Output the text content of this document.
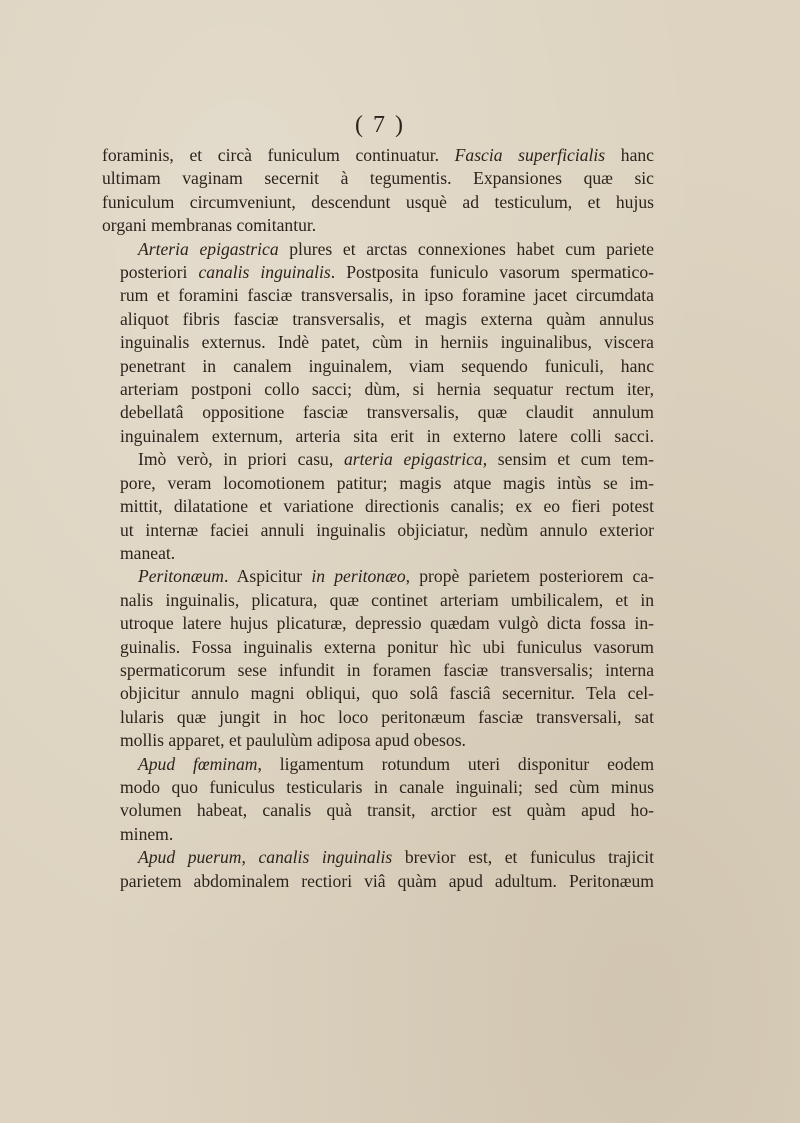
( 7 )
foraminis, et circà funiculum continuatur. Fascia superficialis hanc
ultimam vaginam secernit à tegumentis. Expansiones quæ sic
funiculum circumveniunt, descendunt usquè ad testiculum, et hujus
organi membranas comitantur.
Arteria epigastrica plures et arctas connexiones habet cum pariete
posteriori canalis inguinalis. Postposita funiculo vasorum spermatico-
rum et foramini fasciæ transversalis, in ipso foramine jacet circumdata
aliquot fibris fasciæ transversalis, et magis externa quàm annulus
inguinalis externus. Indè patet, cùm in herniis inguinalibus, viscera
penetrant in canalem inguinalem, viam sequendo funiculi, hanc
arteriam postponi collo sacci; dùm, si hernia sequatur rectum iter,
debellatâ oppositione fasciæ transversalis, quæ claudit annulum
inguinalem externum, arteria sita erit in externo latere colli sacci.
Imò verò, in priori casu, arteria epigastrica, sensim et cum tem-
pore, veram locomotionem patitur; magis atque magis intùs se im-
mittit, dilatatione et variatione directionis canalis; ex eo fieri potest
ut internæ faciei annuli inguinalis objiciatur, nedùm annulo exterior
maneat.
Peritonæum. Aspicitur in peritonæo, propè parietem posteriorem ca-
nalis inguinalis, plicatura, quæ continet arteriam umbilicalem, et in
utroque latere hujus plicaturæ, depressio quædam vulgò dicta fossa in-
guinalis. Fossa inguinalis externa ponitur hìc ubi funiculus vasorum
spermaticorum sese infundit in foramen fasciæ transversalis; interna
objicitur annulo magni obliqui, quo solâ fasciâ secernitur. Tela cel-
lularis quæ jungit in hoc loco peritonæum fasciæ transversali, sat
mollis apparet, et paululùm adiposa apud obesos.
Apud fœminam, ligamentum rotundum uteri disponitur eodem
modo quo funiculus testicularis in canale inguinali; sed cùm minus
volumen habeat, canalis quà transit, arctior est quàm apud ho-
minem.
Apud puerum, canalis inguinalis brevior est, et funiculus trajicit
parietem abdominalem rectiori viâ quàm apud adultum. Peritonæum
